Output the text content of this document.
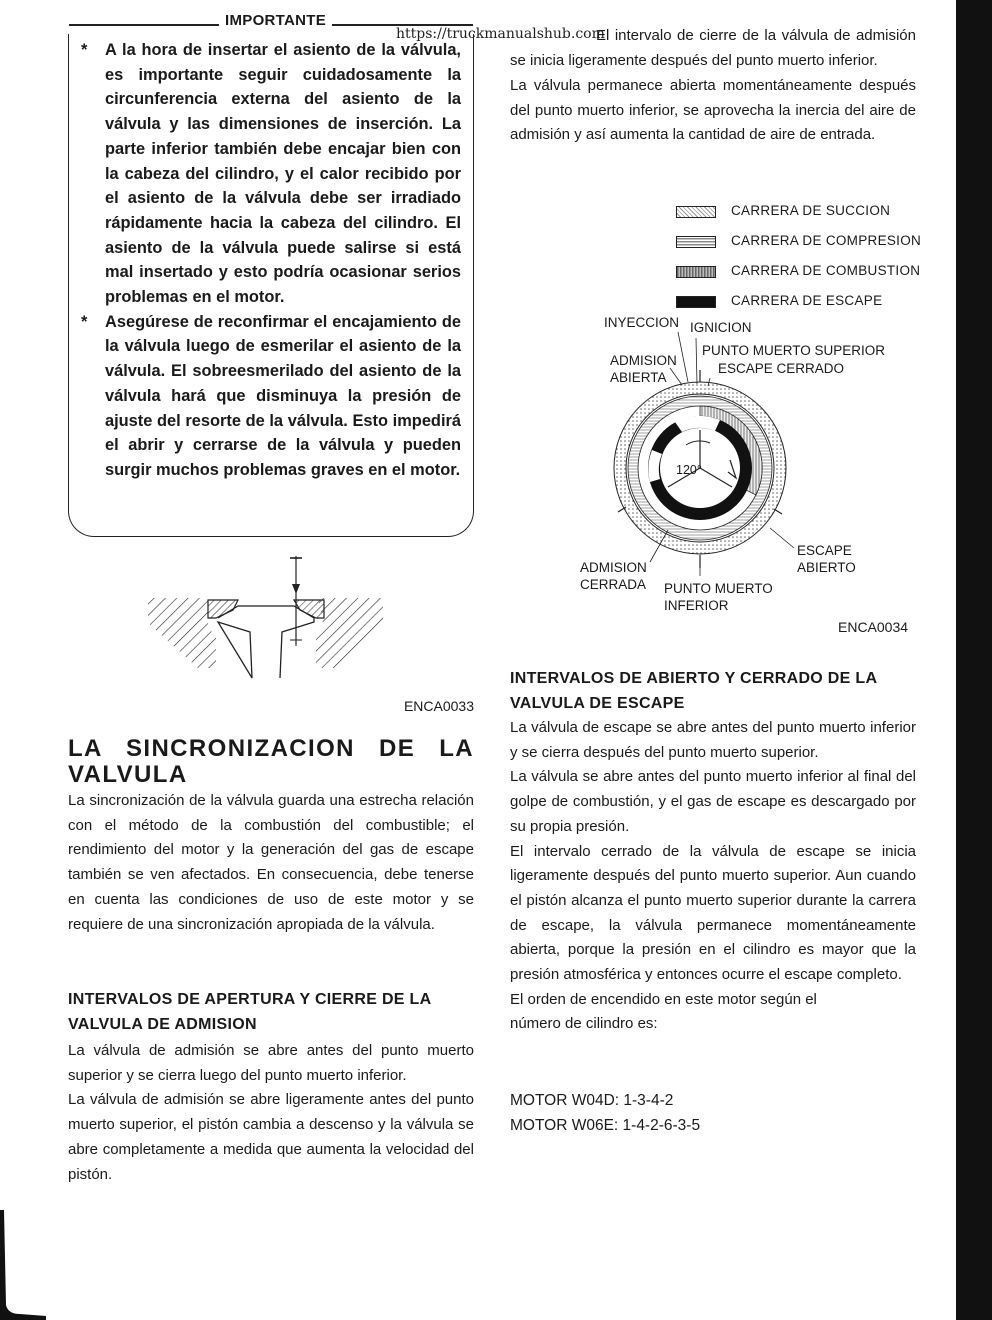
https://truckmanualshub.com
IMPORTANTE
* A la hora de insertar el asiento de la válvula, es importante seguir cuidadosamente la circunferencia externa del asiento de la válvula y las dimensiones de inserción. La parte inferior también debe encajar bien con la cabeza del cilindro, y el calor recibido por el asiento de la válvula debe ser irradiado rápidamente hacia la cabeza del cilindro. El asiento de la válvula puede salirse si está mal insertado y esto podría ocasionar serios problemas en el motor.
* Asegúrese de reconfirmar el encajamiento de la válvula luego de esmerilar el asiento de la válvula. El sobreesmerilado del asiento de la válvula hará que disminuya la presión de ajuste del resorte de la válvula. Esto impedirá el abrir y cerrarse de la válvula y pueden surgir muchos problemas graves en el motor.
ENCA0033
LA SINCRONIZACION DE LA VALVULA

La sincronización de la válvula guarda una estrecha relación con el método de la combustión del combustible; el rendimiento del motor y la generación del gas de escape también se ven afectados. En consecuencia, debe tenerse en cuenta las condiciones de uso de este motor y se requiere de una sincronización apropiada de la válvula.

INTERVALOS DE APERTURA Y CIERRE DE LA VALVULA DE ADMISION

La válvula de admisión se abre antes del punto muerto superior y se cierra luego del punto muerto inferior.

La válvula de admisión se abre ligeramente antes del punto muerto superior, el pistón cambia a descenso y la válvula se abre completamente a medida que aumenta la velocidad del pistón.

El intervalo de cierre de la válvula de admisión se inicia ligeramente después del punto muerto inferior.

La válvula permanece abierta momentáneamente después del punto muerto inferior, se aprovecha la inercia del aire de admisión y así aumenta la cantidad de aire de entrada.

CARRERA DE SUCCION
CARRERA DE COMPRESION
CARRERA DE COMBUSTION
CARRERA DE ESCAPE
INYECCION IGNICION
ADMISION
ABIERTA
PUNTO MUERTO SUPERIOR
ESCAPE CERRADO
120°
ADMISION
CERRADA
ESCAPE
ABIERTO
PUNTO MUERTO
INFERIOR
ENCA0034

INTERVALOS DE ABIERTO Y CERRADO DE LA VALVULA DE ESCAPE

La válvula de escape se abre antes del punto muerto inferior y se cierra después del punto muerto superior.

La válvula se abre antes del punto muerto inferior al final del golpe de combustión, y el gas de escape es descargado por su propia presión.

El intervalo cerrado de la válvula de escape se inicia ligeramente después del punto muerto superior. Aun cuando el pistón alcanza el punto muerto superior durante la carrera de escape, la válvula permanece momentáneamente abierta, porque la presión en el cilindro es mayor que la presión atmosférica y entonces ocurre el escape completo.

El orden de encendido en este motor según el

número de cilindro es:

MOTOR W04D: 1-3-4-2
MOTOR W06E: 1-4-2-6-3-5
